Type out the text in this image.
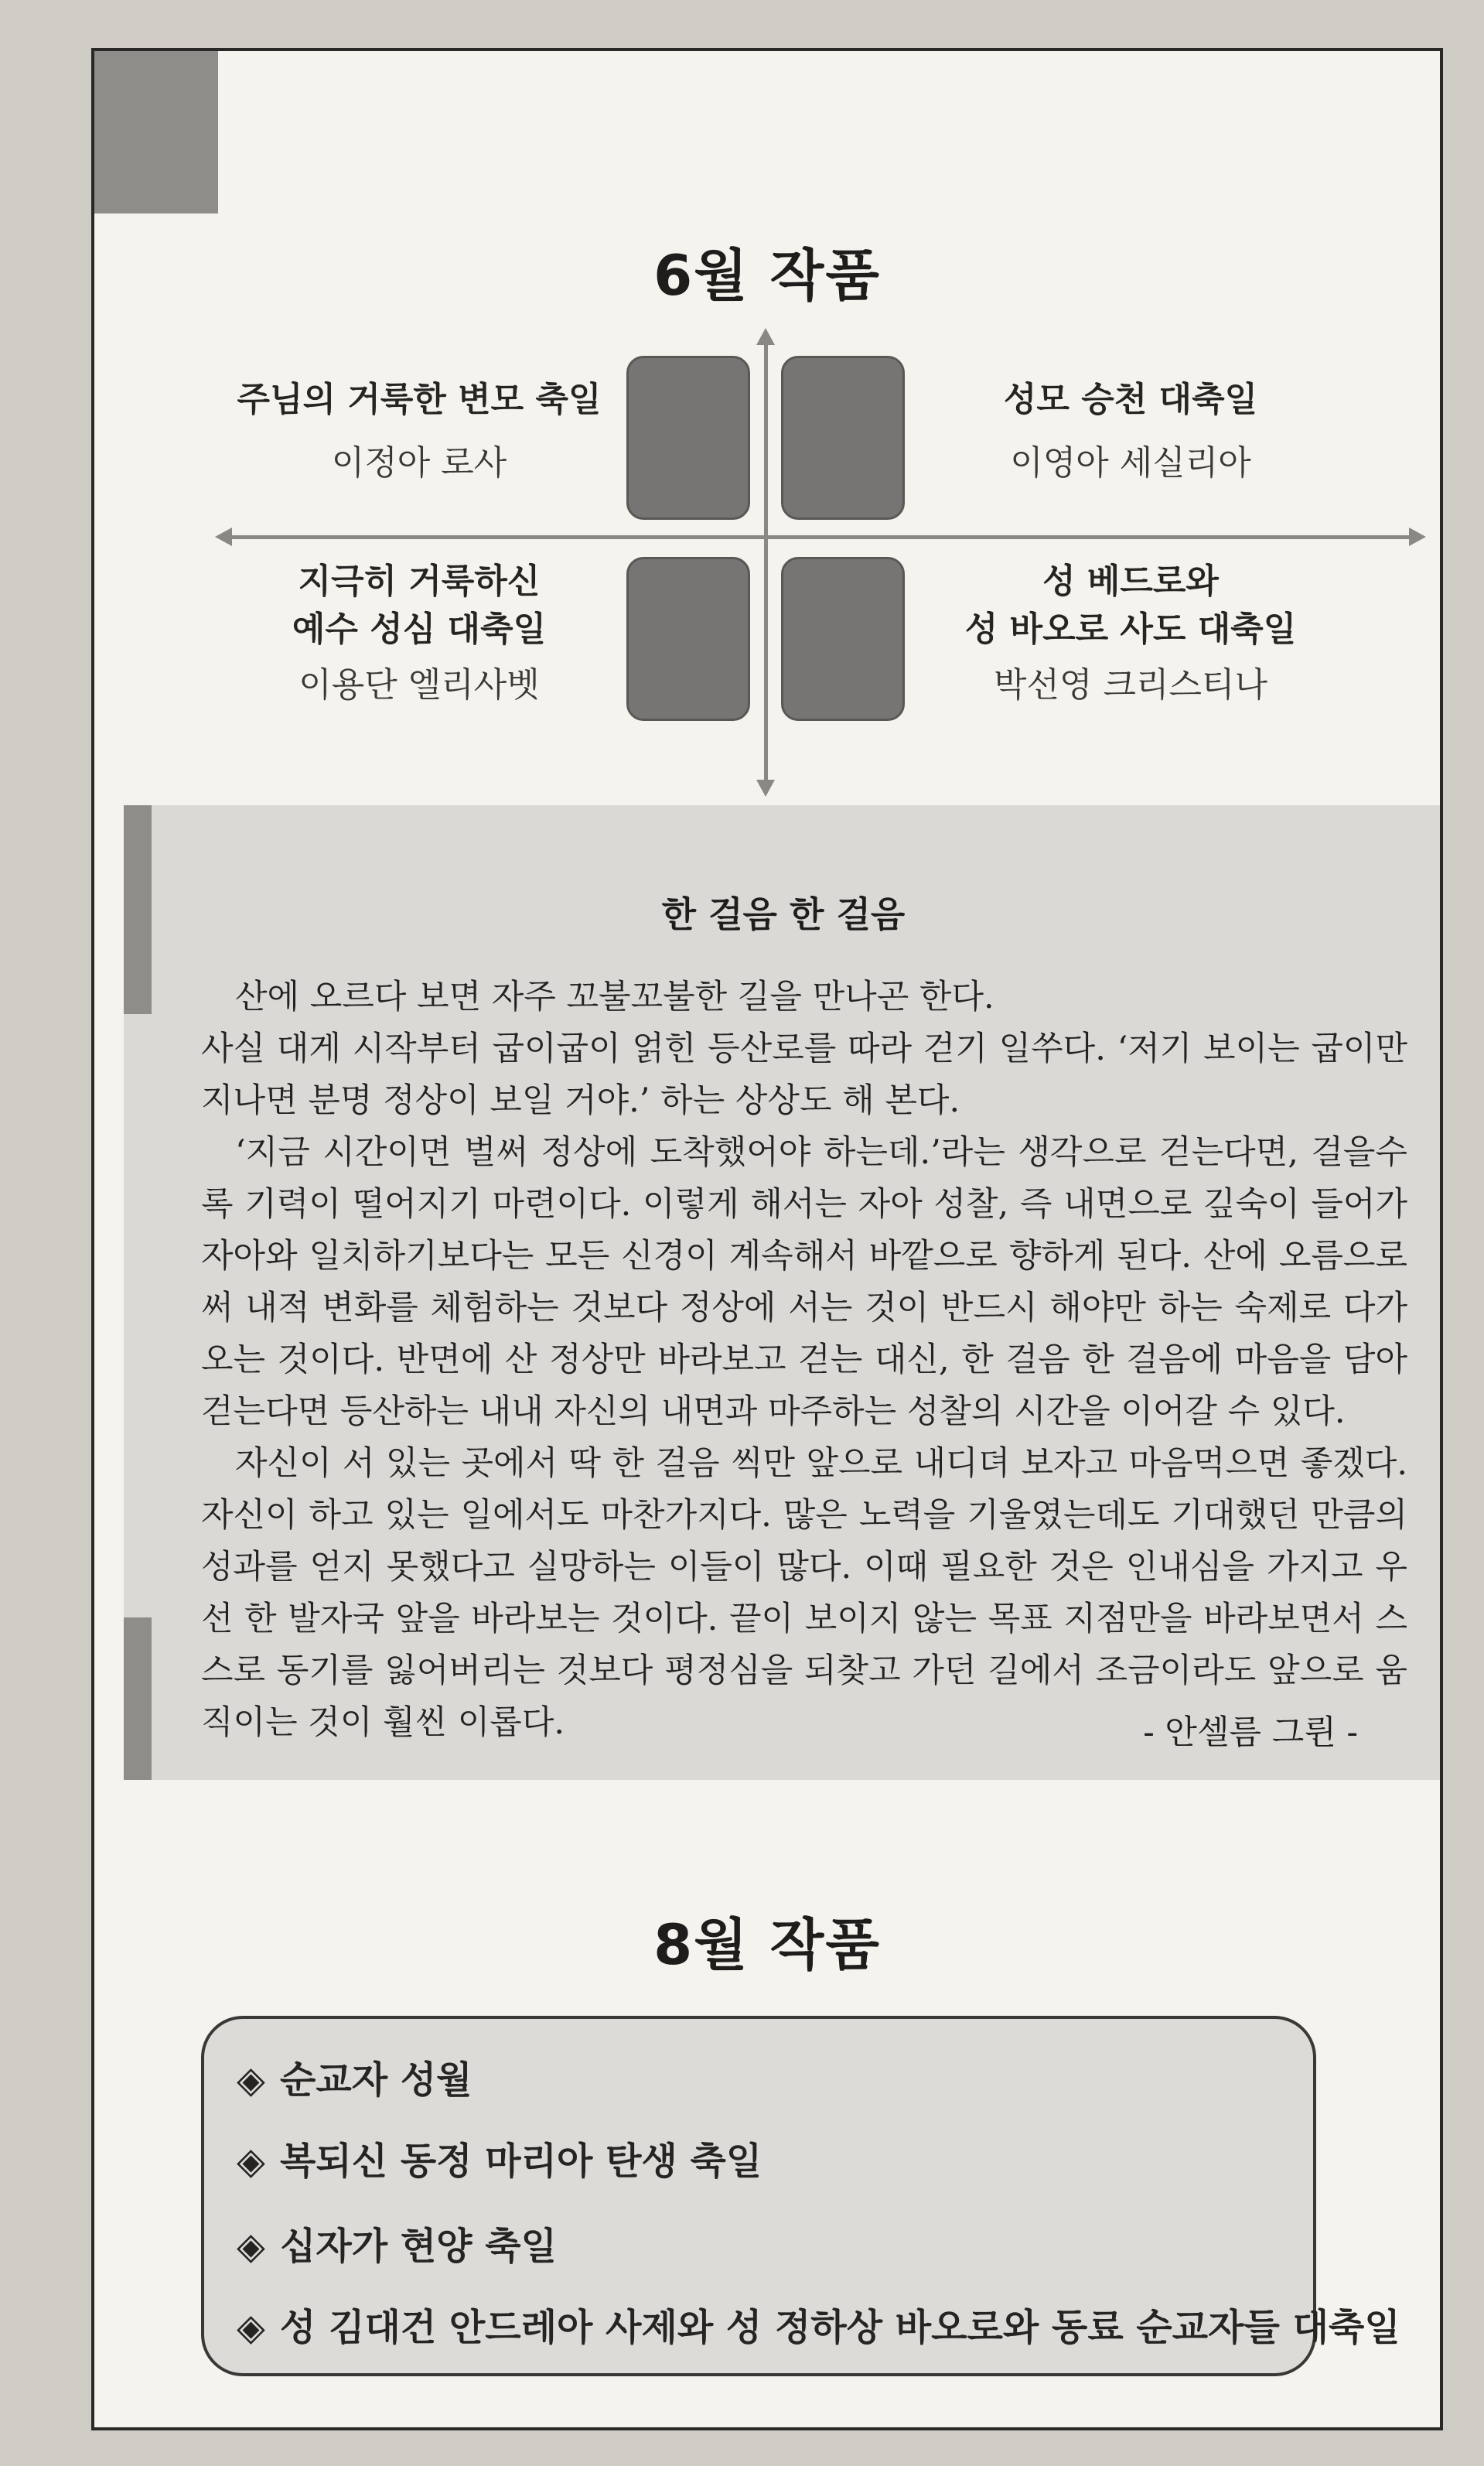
6월 작품
주님의 거룩한 변모 축일
이정아 로사
성모 승천 대축일
이영아 세실리아
지극히 거룩하신
예수 성심 대축일
이용단 엘리사벳
성 베드로와
성 바오로 사도 대축일
박선영 크리스티나
한 걸음 한 걸음

산에 오르다 보면 자주 꼬불꼬불한 길을 만나곤 한다.

사실 대게 시작부터 굽이굽이 얽힌 등산로를 따라 걷기 일쑤다. ‘저기 보이는 굽이만 지나면 분명 정상이 보일 거야.’ 하는 상상도 해 본다.

‘지금 시간이면 벌써 정상에 도착했어야 하는데.’라는 생각으로 걷는다면, 걸을수록 기력이 떨어지기 마련이다. 이렇게 해서는 자아 성찰, 즉 내면으로 깊숙이 들어가 자아와 일치하기보다는 모든 신경이 계속해서 바깥으로 향하게 된다. 산에 오름으로써 내적 변화를 체험하는 것보다 정상에 서는 것이 반드시 해야만 하는 숙제로 다가오는 것이다. 반면에 산 정상만 바라보고 걷는 대신, 한 걸음 한 걸음에 마음을 담아 걷는다면 등산하는 내내 자신의 내면과 마주하는 성찰의 시간을 이어갈 수 있다.

자신이 서 있는 곳에서 딱 한 걸음 씩만 앞으로 내디뎌 보자고 마음먹으면 좋겠다. 자신이 하고 있는 일에서도 마찬가지다. 많은 노력을 기울였는데도 기대했던 만큼의 성과를 얻지 못했다고 실망하는 이들이 많다. 이때 필요한 것은 인내심을 가지고 우선 한 발자국 앞을 바라보는 것이다. 끝이 보이지 않는 목표 지점만을 바라보면서 스스로 동기를 잃어버리는 것보다 평정심을 되찾고 가던 길에서 조금이라도 앞으로 움직이는 것이 훨씬 이롭다.	- 안셀름 그륀 -
8월 작품
◈ 순교자 성월
◈ 복되신 동정 마리아 탄생 축일
◈ 십자가 현양 축일
◈ 성 김대건 안드레아 사제와 성 정하상 바오로와 동료 순교자들 대축일
